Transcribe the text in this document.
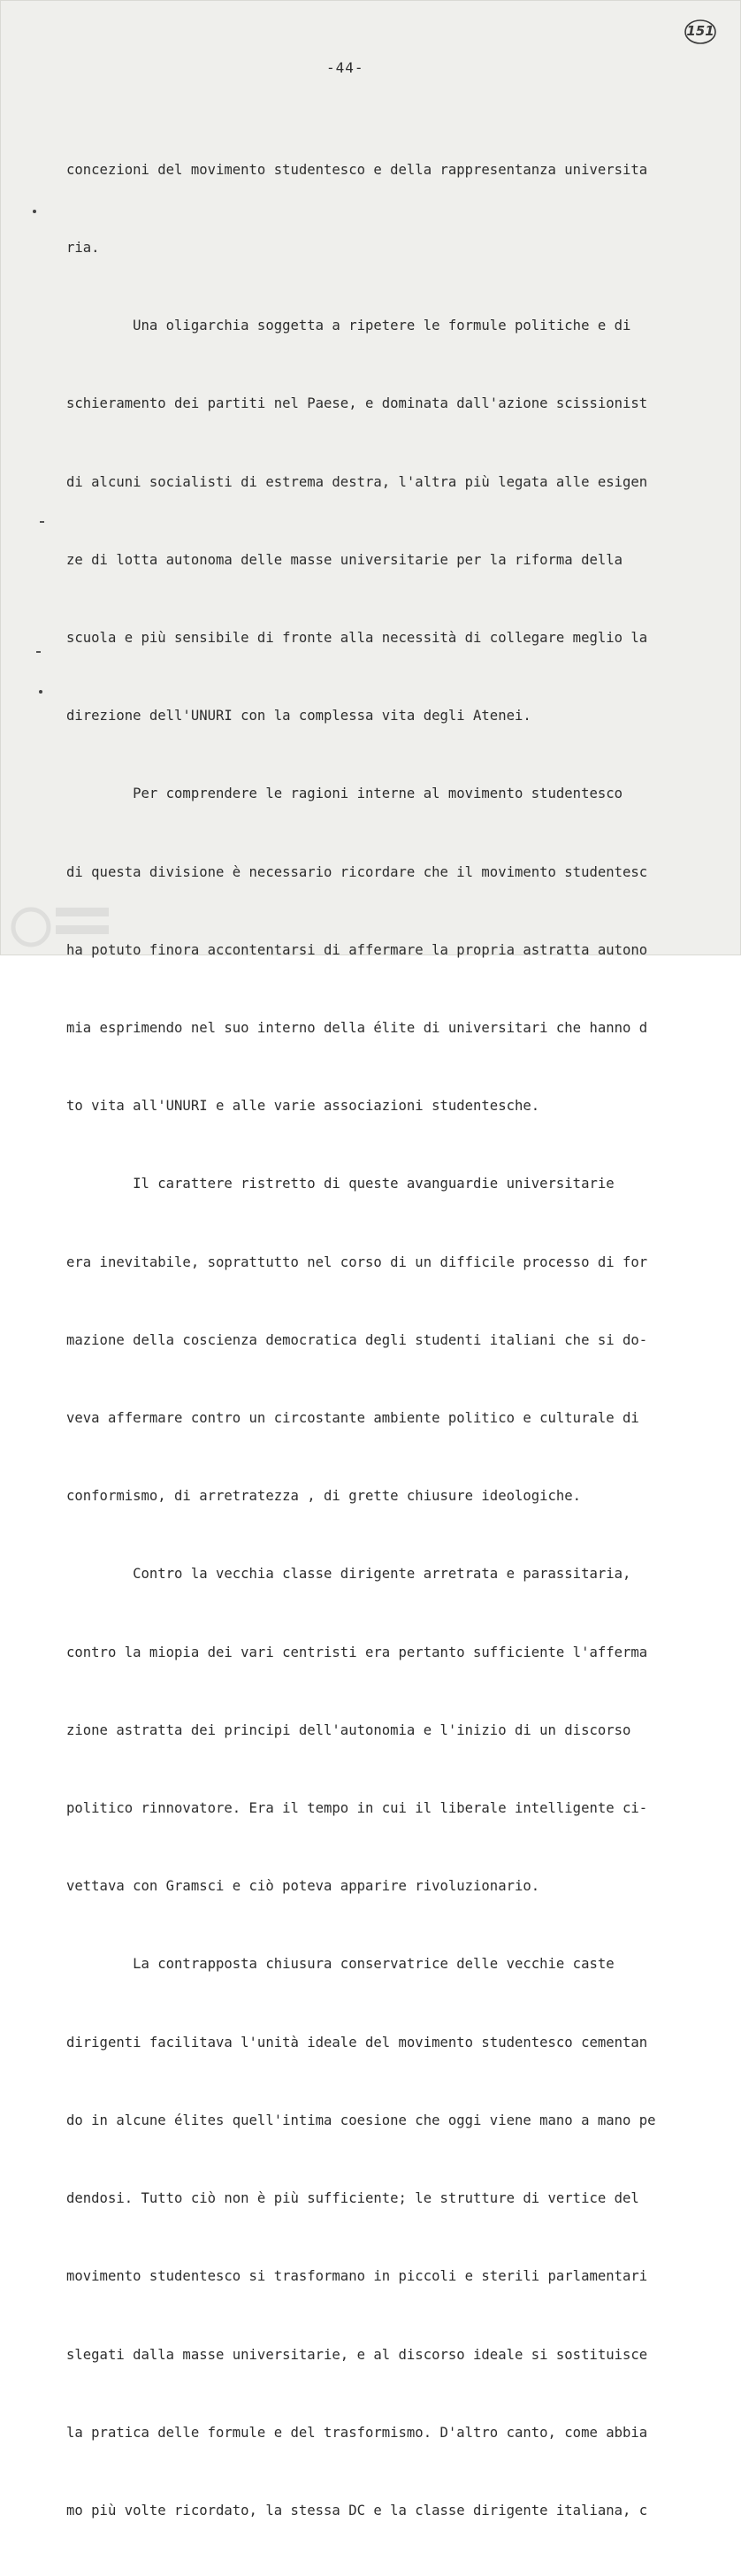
151
-44-

concezioni del movimento studentesco e della rappresentanza universita

ria.

Una oligarchia soggetta a ripetere le formule politiche e di

schieramento dei partiti nel Paese, e dominata dall'azione scissionist

di alcuni socialisti di estrema destra, l'altra più legata alle esigen

ze di lotta autonoma delle masse universitarie per la riforma della

scuola e più sensibile di fronte alla necessità di collegare meglio la

direzione dell'UNURI con la complessa vita degli Atenei.

Per comprendere le ragioni interne al movimento studentesco

di questa divisione è necessario ricordare che il movimento studentesc

ha potuto finora accontentarsi di affermare la propria astratta autono

mia esprimendo nel suo interno della élite di universitari che hanno d

to vita all'UNURI e alle varie associazioni studentesche.

Il carattere ristretto di queste avanguardie universitarie

era inevitabile, soprattutto nel corso di un difficile processo di for

mazione della coscienza democratica degli studenti italiani che si do-

veva affermare contro un circostante ambiente politico e culturale di

conformismo, di arretratezza , di grette chiusure ideologiche.

Contro la vecchia classe dirigente arretrata e parassitaria,

contro la miopia dei vari centristi era pertanto sufficiente l'afferma

zione astratta dei principi dell'autonomia e l'inizio di un discorso

politico rinnovatore. Era il tempo in cui il liberale intelligente ci-

vettava con Gramsci e ciò poteva apparire rivoluzionario.

La contrapposta chiusura conservatrice delle vecchie caste

dirigenti facilitava l'unità ideale del movimento studentesco cementan

do in alcune élites quell'intima coesione che oggi viene mano a mano pe

dendosi. Tutto ciò non è più sufficiente; le strutture di vertice del

movimento studentesco si trasformano in piccoli e sterili parlamentari

slegati dalla masse universitarie, e al discorso ideale si sostituisce

la pratica delle formule e del trasformismo. D'altro canto, come abbia

mo più volte ricordato, la stessa DC e la classe dirigente italiana, c
